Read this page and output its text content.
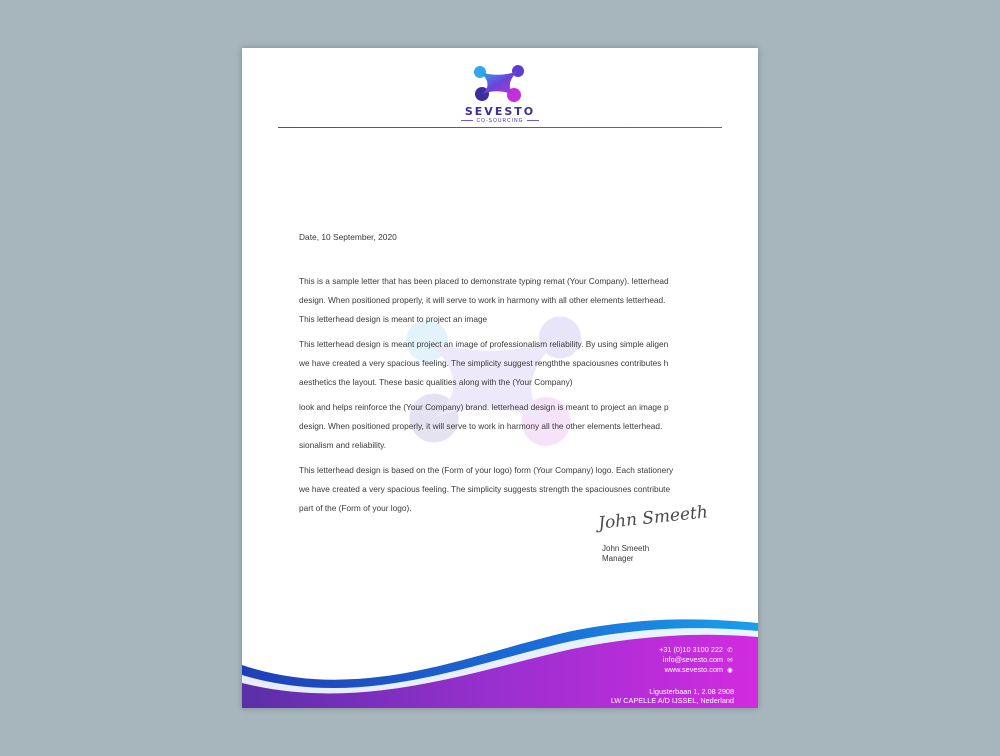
SEVESTO
CO-SOURCING
Date, 10 September, 2020
This is a sample letter that has been placed to demonstrate typing remat (Your Company). letterhead
design. When positioned properly, it will serve to work in harmony with all other elements letterhead.
This letterhead design is meant to project an image
This letterhead design is meant project an image of professionalism reliability. By using simple aligen
we have created a very spacious feeling. The simplicity suggest rengththe spaciousnes contributes h
aesthetics the layout. These basic qualities along with the (Your Company)
look and helps reinforce the (Your Company) brand. letterhead design is meant to project an image p
design. When positioned properly, it will serve to work in harmony all the other elements letterhead.
sionalism and reliability.
This letterhead design is based on the (Form of your logo) form (Your Company) logo. Each stationery
we have created a very spacious feeling. The simplicity suggests strength the spaciousnes contribute
part of the (Form of your logo).	John Smeeth
John Smeeth
Manager
+31 (0)10 3100 222 ✆
info@sevesto.com ✉
www.sevesto.com ◉
Ligusterbaan 1, 2.08 2908
LW CAPELLE A/D IJSSEL, Nederland
